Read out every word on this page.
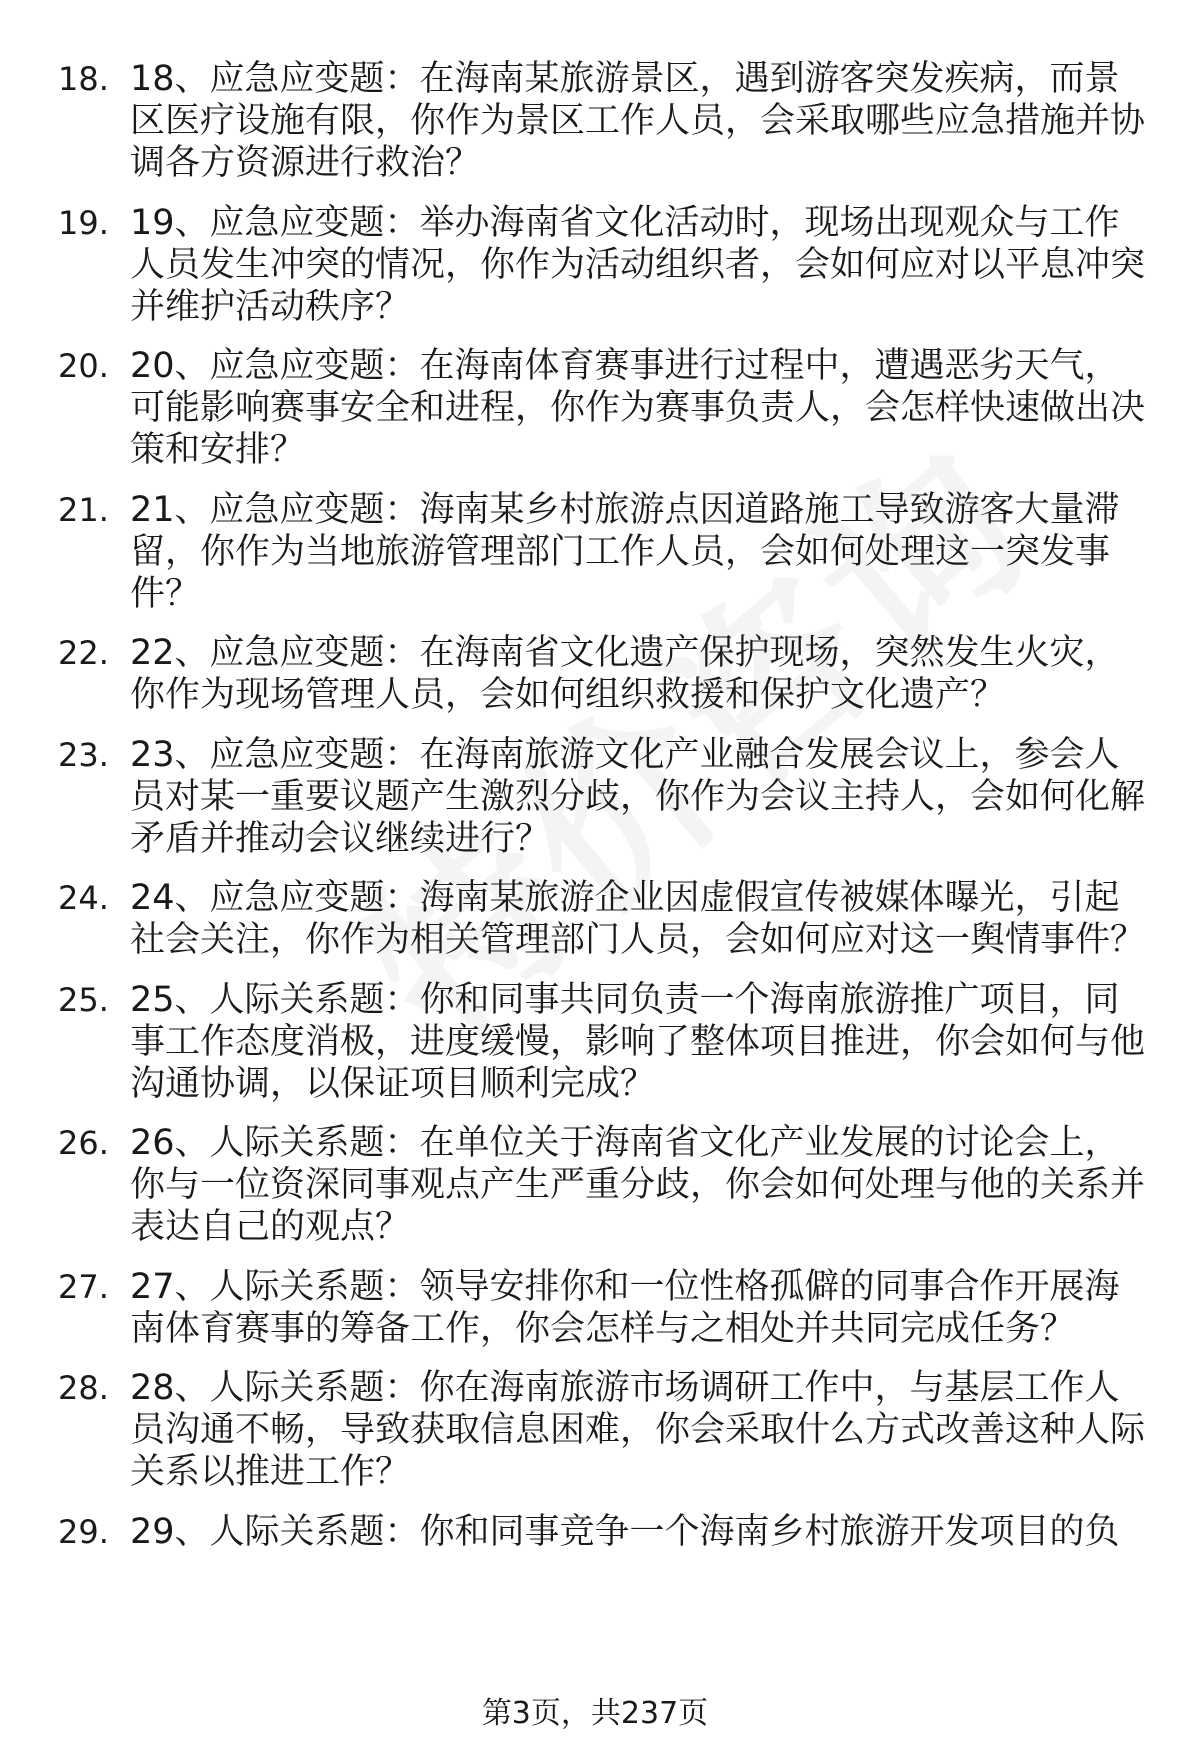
18. 18、应急应变题：在海南某旅游景区，遇到游客突发疾病，而景区医疗设施有限，你作为景区工作人员，会采取哪些应急措施并协调各方资源进行救治？
19. 19、应急应变题：举办海南省文化活动时，现场出现观众与工作人员发生冲突的情况，你作为活动组织者，会如何应对以平息冲突并维护活动秩序？
20. 20、应急应变题：在海南体育赛事进行过程中，遭遇恶劣天气，可能影响赛事安全和进程，你作为赛事负责人，会怎样快速做出决策和安排？
21. 21、应急应变题：海南某乡村旅游点因道路施工导致游客大量滞留，你作为当地旅游管理部门工作人员，会如何处理这一突发事件？
22. 22、应急应变题：在海南省文化遗产保护现场，突然发生火灾，你作为现场管理人员，会如何组织救援和保护文化遗产？
23. 23、应急应变题：在海南旅游文化产业融合发展会议上，参会人员对某一重要议题产生激烈分歧，你作为会议主持人，会如何化解矛盾并推动会议继续进行？
24. 24、应急应变题：海南某旅游企业因虚假宣传被媒体曝光，引起社会关注，你作为相关管理部门人员，会如何应对这一舆情事件？
25. 25、人际关系题：你和同事共同负责一个海南旅游推广项目，同事工作态度消极，进度缓慢，影响了整体项目推进，你会如何与他沟通协调，以保证项目顺利完成？
26. 26、人际关系题：在单位关于海南省文化产业发展的讨论会上，你与一位资深同事观点产生严重分歧，你会如何处理与他的关系并表达自己的观点？
27. 27、人际关系题：领导安排你和一位性格孤僻的同事合作开展海南体育赛事的筹备工作，你会怎样与之相处并共同完成任务？
28. 28、人际关系题：你在海南旅游市场调研工作中，与基层工作人员沟通不畅，导致获取信息困难，你会采取什么方式改善这种人际关系以推进工作？
29. 29、人际关系题：你和同事竞争一个海南乡村旅游开发项目的负
第3页，共237页
